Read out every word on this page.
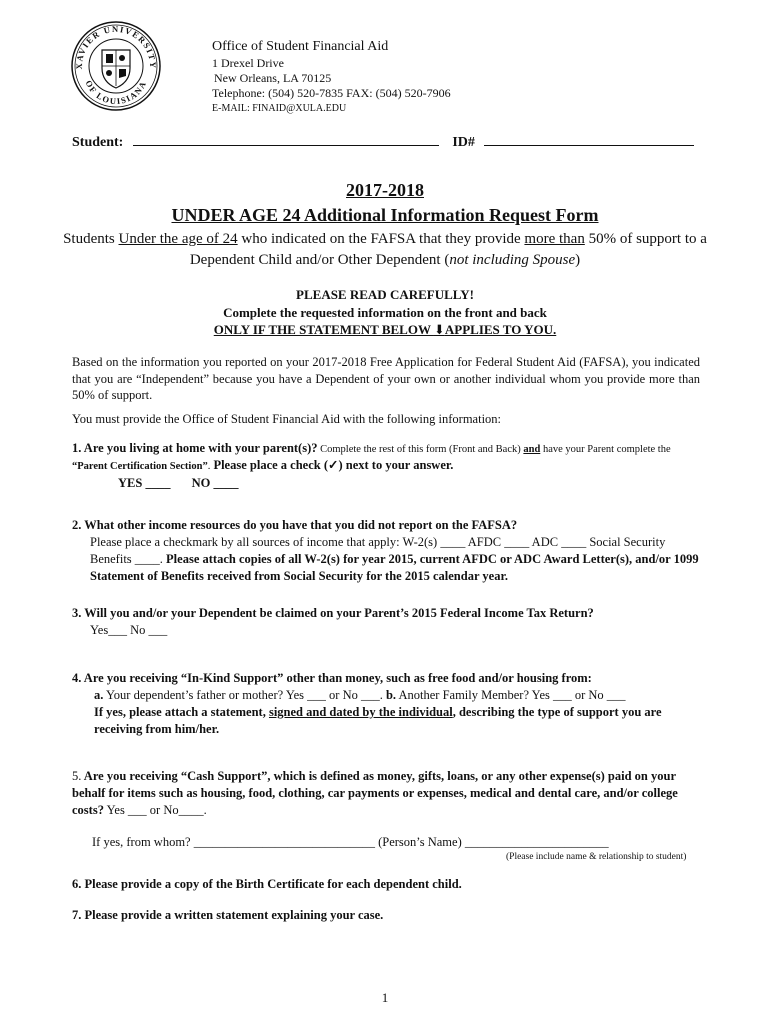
XAVIER UNIVERSITY
OF LOUISIANA
Office of Student Financial Aid
1 Drexel Drive
New Orleans, LA 70125
Telephone: (504) 520-7835 FAX: (504) 520-7906
E-MAIL: FINAID@XULA.EDU
Student:	ID#
2017-2018
UNDER AGE 24 Additional Information Request Form
Students Under the age of 24 who indicated on the FAFSA that they provide more than 50% of support to a Dependent Child and/or Other Dependent (not including Spouse)
PLEASE READ CAREFULLY!
Complete the requested information on the front and back
ONLY IF THE STATEMENT BELOW ⬇APPLIES TO YOU.
Based on the information you reported on your 2017-2018 Free Application for Federal Student Aid (FAFSA), you indicated that you are “Independent” because you have a Dependent of your own or another individual whom you provide more than 50% of support.
You must provide the Office of Student Financial Aid with the following information:
1. Are you living at home with your parent(s)? Complete the rest of this form (Front and Back) and have your Parent complete the “Parent Certification Section”. Please place a check (✓) next to your answer.
YES ____ NO ____
2. What other income resources do you have that you did not report on the FAFSA?
Please place a checkmark by all sources of income that apply: W-2(s) ____ AFDC ____ ADC ____ Social Security Benefits ____. Please attach copies of all W-2(s) for year 2015, current AFDC or ADC Award Letter(s), and/or 1099 Statement of Benefits received from Social Security for the 2015 calendar year.
3. Will you and/or your Dependent be claimed on your Parent’s 2015 Federal Income Tax Return?
Yes___ No ___
4. Are you receiving “In-Kind Support” other than money, such as free food and/or housing from:
a. Your dependent’s father or mother? Yes ___ or No ___. b. Another Family Member? Yes ___ or No ___
If yes, please attach a statement, signed and dated by the individual, describing the type of support you are receiving from him/her.
5. Are you receiving “Cash Support”, which is defined as money, gifts, loans, or any other expense(s) paid on your behalf for items such as housing, food, clothing, car payments or expenses, medical and dental care, and/or college costs? Yes ___ or No____.
If yes, from whom? _____________________________ (Person’s Name) _______________________
(Please include name & relationship to student)
6. Please provide a copy of the Birth Certificate for each dependent child.
7. Please provide a written statement explaining your case.
1
